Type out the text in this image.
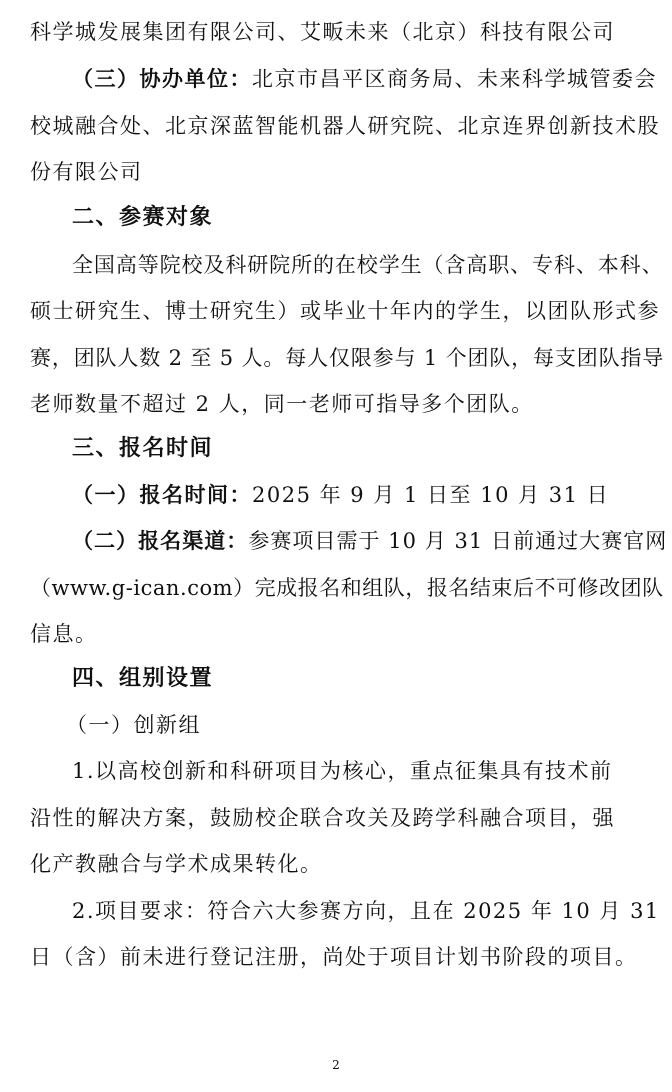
科学城发展集团有限公司、艾畈未来（北京）科技有限公司
（三）协办单位：北京市昌平区商务局、未来科学城管委会
校城融合处、北京深蓝智能机器人研究院、北京连界创新技术股
份有限公司
二、参赛对象
全国高等院校及科研院所的在校学生（含高职、专科、本科、
硕士研究生、博士研究生）或毕业十年内的学生，以团队形式参
赛，团队人数 2 至 5 人。每人仅限参与 1 个团队，每支团队指导
老师数量不超过 2 人，同一老师可指导多个团队。
三、报名时间
（一）报名时间：2025 年 9 月 1 日至 10 月 31 日
（二）报名渠道：参赛项目需于 10 月 31 日前通过大赛官网
（www.g-ican.com）完成报名和组队，报名结束后不可修改团队
信息。
四、组别设置
（一）创新组
1.以高校创新和科研项目为核心，重点征集具有技术前
沿性的解决方案，鼓励校企联合攻关及跨学科融合项目，强
化产教融合与学术成果转化。
2.项目要求：符合六大参赛方向，且在 2025 年 10 月 31
日（含）前未进行登记注册，尚处于项目计划书阶段的项目。
2
